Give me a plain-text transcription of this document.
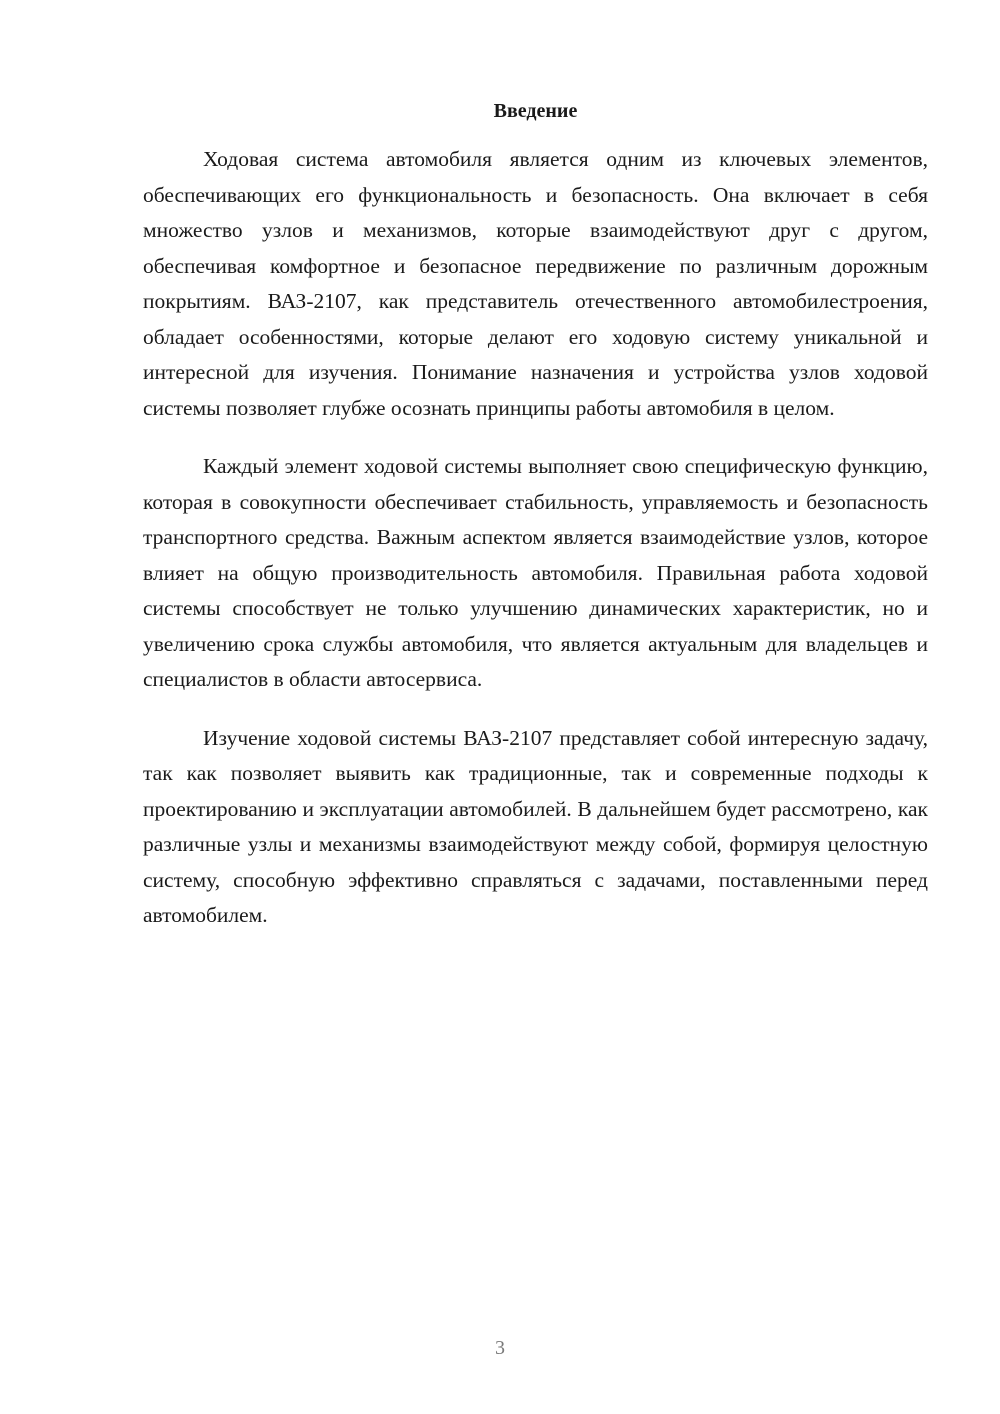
Введение

Ходовая система автомобиля является одним из ключевых элементов, обеспечивающих его функциональность и безопасность. Она включает в себя множество узлов и механизмов, которые взаимодействуют друг с другом, обеспечивая комфортное и безопасное передвижение по различным дорожным покрытиям. ВАЗ-2107, как представитель отечественного автомобилестроения, обладает особенностями, которые делают его ходовую систему уникальной и интересной для изучения. Понимание назначения и устройства узлов ходовой системы позволяет глубже осознать принципы работы автомобиля в целом.

Каждый элемент ходовой системы выполняет свою специфическую функцию, которая в совокупности обеспечивает стабильность, управляемость и безопасность транспортного средства. Важным аспектом является взаимодействие узлов, которое влияет на общую производительность автомобиля. Правильная работа ходовой системы способствует не только улучшению динамических характеристик, но и увеличению срока службы автомобиля, что является актуальным для владельцев и специалистов в области автосервиса.

Изучение ходовой системы ВАЗ-2107 представляет собой интересную задачу, так как позволяет выявить как традиционные, так и современные подходы к проектированию и эксплуатации автомобилей. В дальнейшем будет рассмотрено, как различные узлы и механизмы взаимодействуют между собой, формируя целостную систему, способную эффективно справляться с задачами, поставленными перед автомобилем.

3
